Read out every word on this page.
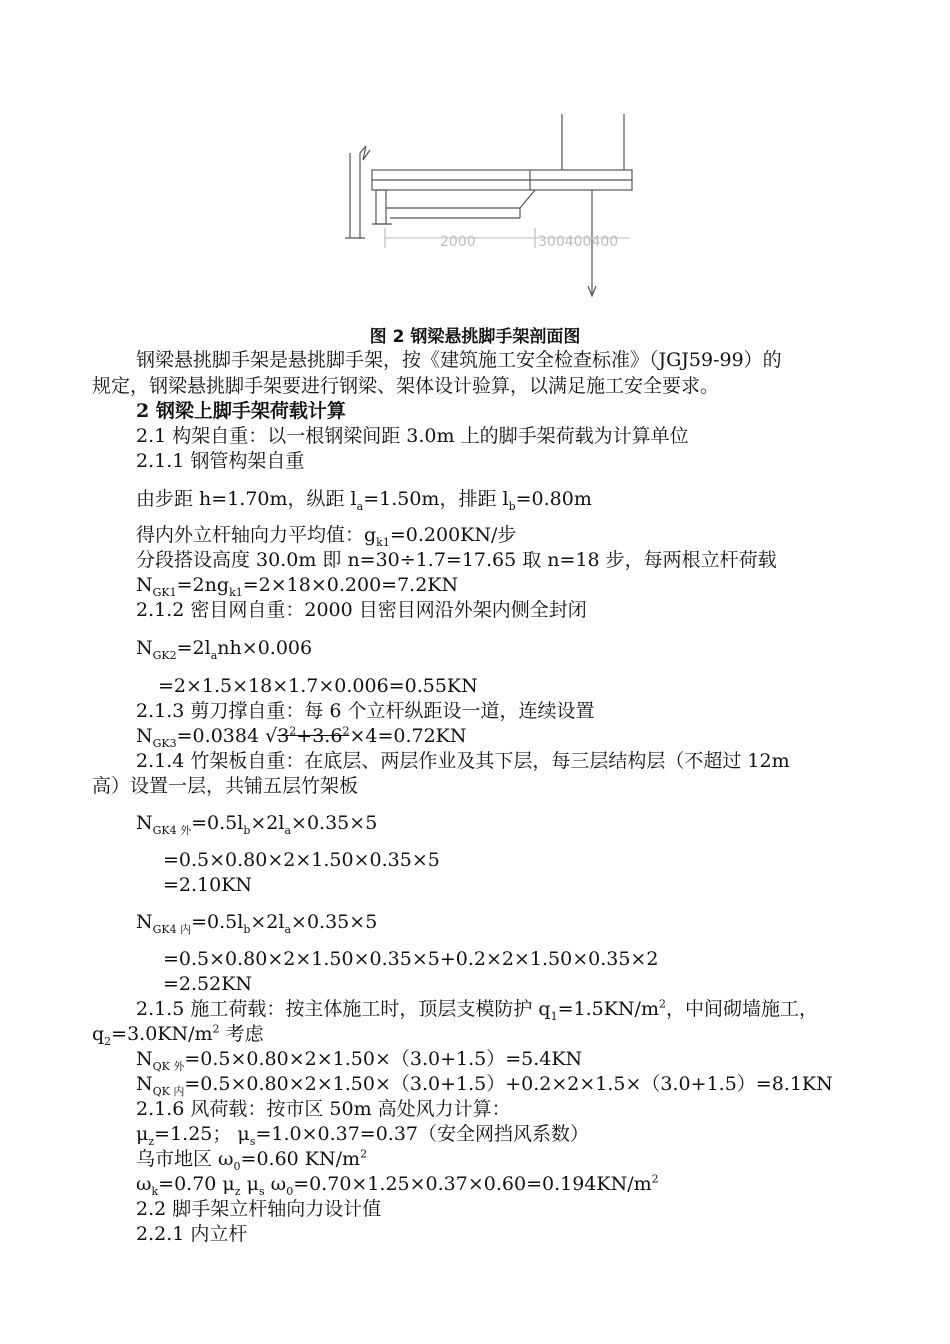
2000	300400400
图 2 钢梁悬挑脚手架剖面图
钢梁悬挑脚手架是悬挑脚手架，按《建筑施工安全检查标准》（JGJ59-99）的
规定，钢梁悬挑脚手架要进行钢梁、架体设计验算，以满足施工安全要求。
2 钢梁上脚手架荷载计算
2.1 构架自重：以一根钢梁间距 3.0m 上的脚手架荷载为计算单位
2.1.1 钢管构架自重
由步距 h=1.70m，纵距 $l_a=1.50m$，排距 $l_b=0.80m$
得内外立杆轴向力平均值：$g_{k1}=0.200KN/$步
分段搭设高度 30.0m 即 n=30÷1.7=17.65 取 n=18 步，每两根立杆荷载
$N_{GK1}=2ng_{k1}=2\times 18\times 0.200=7.2KN$
2.1.2 密目网自重：2000 目密目网沿外架内侧全封闭
$N_{GK2}=2l_anh\times 0.006$
=2×1.5×18×1.7×0.006=0.55KN
2.1.3 剪刀撑自重：每 6 个立杆纵距设一道，连续设置
$N_{GK3}=0.0384$ $√3^2+3.6^2\times 4=0.72KN$
2.1.4 竹架板自重：在底层、两层作业及其下层，每三层结构层（不超过 12m
高）设置一层，共铺五层竹架板
$N_{GK4 外}=0.5l_b\times 2l_a\times 0.35\times 5$
=0.5×0.80×2×1.50×0.35×5
=2.10KN
$N_{GK4 内}=0.5l_b\times 2l_a\times 0.35\times 5$
=0.5×0.80×2×1.50×0.35×5+0.2×2×1.50×0.35×2
=2.52KN
2.1.5 施工荷载：按主体施工时，顶层支模防护 $q_1=1.5KN/m^2$，中间砌墙施工，
$q_2=3.0KN/m^2$ 考虑
$N_{QK 外}=0.5\times 0.80\times 2\times 1.50\times(3.0+1.5)=5.4KN$
$N_{QK 内}=0.5\times 0.80\times 2\times 1.50\times(3.0+1.5)+0.2\times 2\times 1.5\times(3.0+1.5)=8.1KN$
2.1.6 风荷载：按市区 50m 高处风力计算：
$\mu_z=1.25$； $\mu_s=1.0\times 0.37=0.37$（安全网挡风系数）
乌市地区 $\omega_0=0.60$ $KN/m^2$
$\omega_k=0.70$ $\mu_z$ $\mu_s$ $\omega_0=0.70\times 1.25\times 0.37\times 0.60=0.194KN/m^2$
2.2 脚手架立杆轴向力设计值
2.2.1 内立杆
